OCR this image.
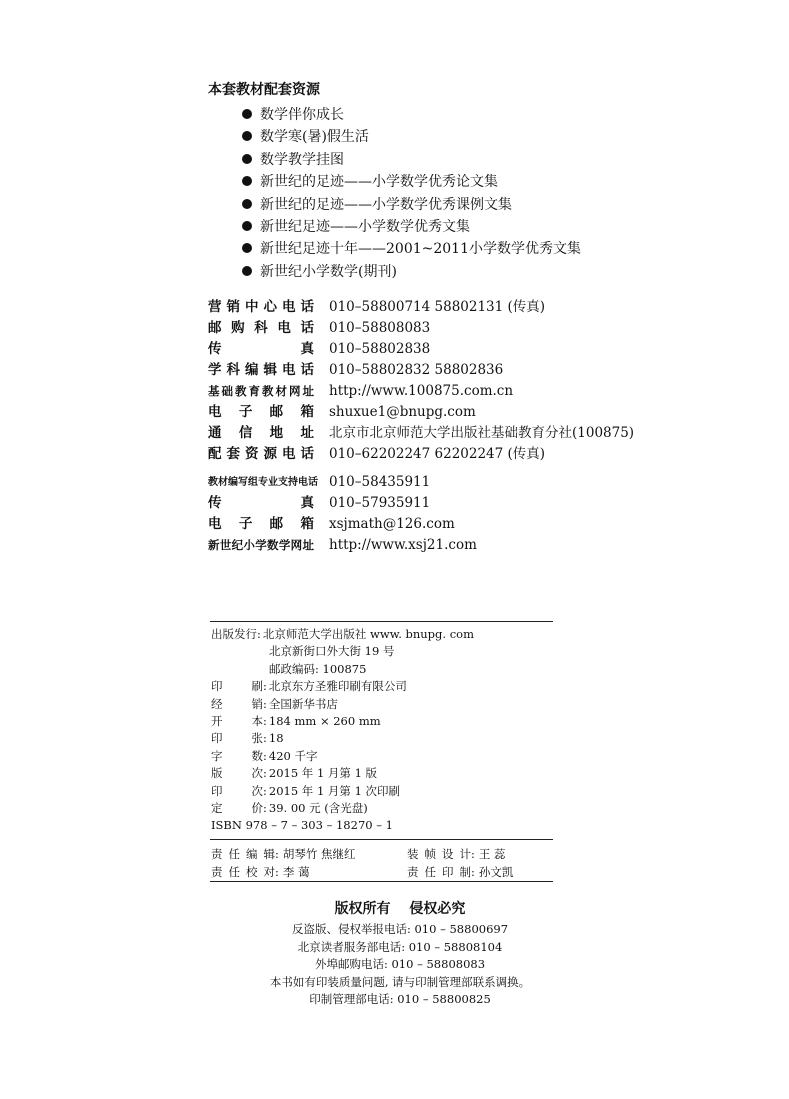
本套教材配套资源
数学伴你成长
数学寒(暑)假生活
数学教学挂图
新世纪的足迹——小学数学优秀论文集
新世纪的足迹——小学数学优秀课例文集
新世纪足迹——小学数学优秀文集
新世纪足迹十年——2001~2011小学数学优秀文集
新世纪小学数学(期刊)
营销中心电话 010–58800714 58802131 (传真)
邮购科电话 010–58808083
传真 010–58802838
学科编辑电话 010–58802832 58802836
基础教育教材网址 http://www.100875.com.cn
电子邮箱 shuxue1@bnupg.com
通信地址 北京市北京师范大学出版社基础教育分社(100875)
配套资源电话 010–62202247 62202247 (传真)
教材编写组专业支持电话 010–58435911
传真 010–57935911
电子邮箱 xsjmath@126.com
新世纪小学数学网址 http://www.xsj21.com
出版发行: 北京师范大学出版社 www. bnupg. com
北京新街口外大街 19 号
邮政编码: 100875
印刷 : 北京东方圣雅印刷有限公司
经销 : 全国新华书店
开本 : 184 mm × 260 mm
印张 : 18
字数 : 420 千字
版次 : 2015 年 1 月第 1 版
印次 : 2015 年 1 月第 1 次印刷
定价 : 39. 00 元 (含光盘)
ISBN 978 – 7 – 303 – 18270 – 1
责任编辑 : 胡琴竹 焦继红	装帧设计 : 王 蕊
责任校对 : 李 蔼	责任印制 : 孙文凯
版权所有 侵权必究
反盗版、侵权举报电话: 010 – 58800697
北京读者服务部电话: 010 – 58808104
外埠邮购电话: 010 – 58808083
本书如有印装质量问题, 请与印制管理部联系调换。
印制管理部电话: 010 – 58800825
